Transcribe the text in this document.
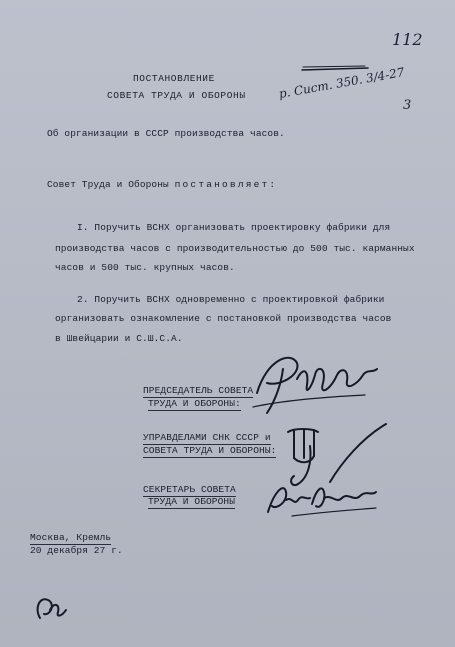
112
ПОСТАНОВЛЕНИЕ
СОВЕТА ТРУДА И ОБОРОНЫ	р. Сист. 350. 3/4-27
3
Об организации в СССР производства часов.
Совет Труда и Обороны постановляет:
I. Поручить ВСНХ организовать проектировку фабрики для
производства часов с производительностью до 500 тыс. карманных
часов и 500 тыс. крупных часов.
2. Поручить ВСНХ одновременно с проектировкой фабрики
организовать ознакомление с постановкой производства часов
в Швейцарии и С.Ш.С.А.
ПРЕДСЕДАТЕЛЬ СОВЕТА
ТРУДА И ОБОРОНЫ:
УПРАВДЕЛАМИ СНК СССР и
СОВЕТА ТРУДА И ОБОРОНЫ:
СЕКРЕТАРЬ СОВЕТА
ТРУДА И ОБОРОНЫ
Москва, Кремль
20 декабря 27 г.
